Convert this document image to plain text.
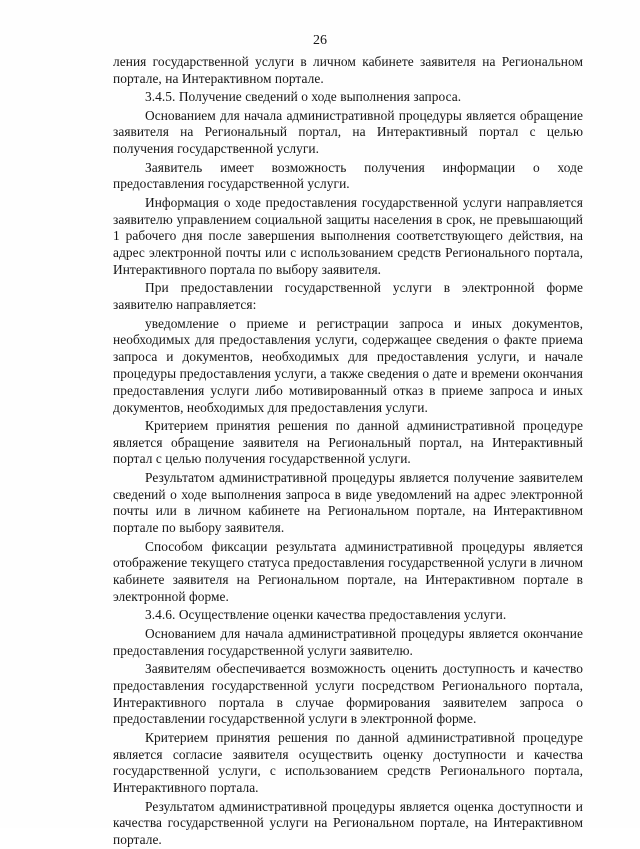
26

ления государственной услуги в личном кабинете заявителя на Региональном портале, на Интерактивном портале.

3.4.5. Получение сведений о ходе выполнения запроса.

Основанием для начала административной процедуры является обращение заявителя на Региональный портал, на Интерактивный портал с целью получения государственной услуги.

Заявитель имеет возможность получения информации о ходе предоставления государственной услуги.

Информация о ходе предоставления государственной услуги направляется заявителю управлением социальной защиты населения в срок, не превышающий 1 рабочего дня после завершения выполнения соответствующего действия, на адрес электронной почты или с использованием средств Регионального портала, Интерактивного портала по выбору заявителя.

При предоставлении государственной услуги в электронной форме заявителю направляется:

уведомление о приеме и регистрации запроса и иных документов, необходимых для предоставления услуги, содержащее сведения о факте приема запроса и документов, необходимых для предоставления услуги, и начале процедуры предоставления услуги, а также сведения о дате и времени окончания предоставления услуги либо мотивированный отказ в приеме запроса и иных документов, необходимых для предоставления услуги.

Критерием принятия решения по данной административной процедуре является обращение заявителя на Региональный портал, на Интерактивный портал с целью получения государственной услуги.

Результатом административной процедуры является получение заявителем сведений о ходе выполнения запроса в виде уведомлений на адрес электронной почты или в личном кабинете на Региональном портале, на Интерактивном портале по выбору заявителя.

Способом фиксации результата административной процедуры является отображение текущего статуса предоставления государственной услуги в личном кабинете заявителя на Региональном портале, на Интерактивном портале в электронной форме.

3.4.6. Осуществление оценки качества предоставления услуги.

Основанием для начала административной процедуры является окончание предоставления государственной услуги заявителю.

Заявителям обеспечивается возможность оценить доступность и качество предоставления государственной услуги посредством Регионального портала, Интерактивного портала в случае формирования заявителем запроса о предоставлении государственной услуги в электронной форме.

Критерием принятия решения по данной административной процедуре является согласие заявителя осуществить оценку доступности и качества государственной услуги, с использованием средств Регионального портала, Интерактивного портала.

Результатом административной процедуры является оценка доступности и качества государственной услуги на Региональном портале, на Интерактивном портале.
